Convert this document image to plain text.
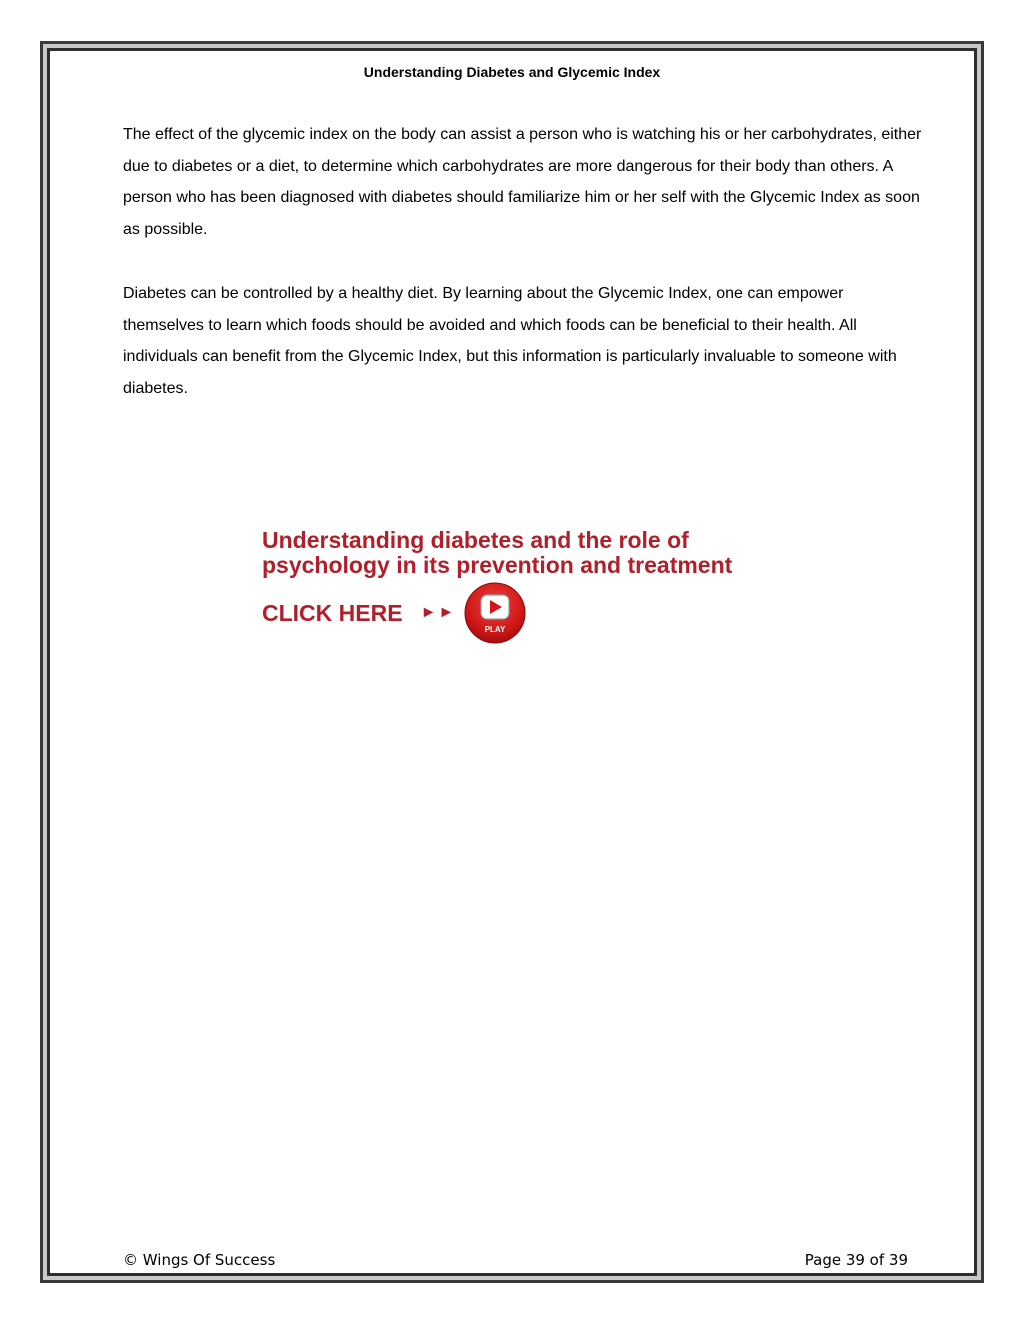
Understanding Diabetes and Glycemic Index

The effect of the glycemic index on the body can assist a person who is watching his or her carbohydrates, either due to diabetes or a diet, to determine which carbohydrates are more dangerous for their body than others. A person who has been diagnosed with diabetes should familiarize him or her self with the Glycemic Index as soon as possible.

Diabetes can be controlled by a healthy diet. By learning about the Glycemic Index, one can empower themselves to learn which foods should be avoided and which foods can be beneficial to their health. All individuals can benefit from the Glycemic Index, but this information is particularly invaluable to someone with diabetes.

Understanding diabetes and the role of
psychology in its prevention and treatment

CLICK HERE ►►
PLAY
© Wings Of Success	Page 39 of 39
